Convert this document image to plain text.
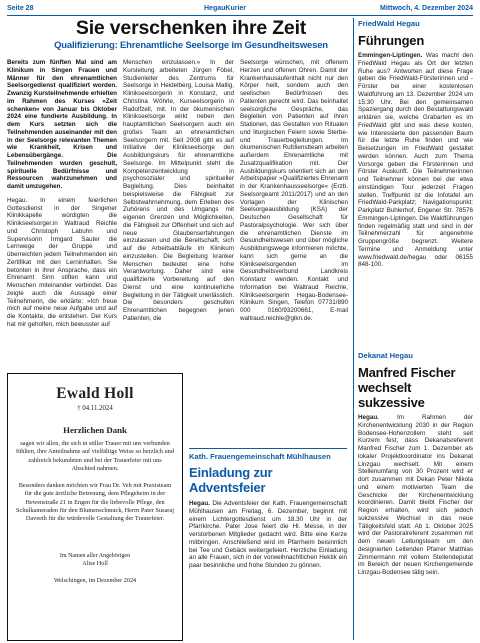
Seite 28	HegauKurier	Mittwoch, 4. Dezember 2024
Sie verschenken ihre Zeit
Qualifizierung: Ehrenamtliche Seelsorge im Gesundheitswesen

Bereits zum fünften Mal sind am Klinikum in Singen Frauen und Männer für den ehrenamtlichen Seelsorgedienst qualifiziert worden. Zwanzig Kursteilnehmende erhielten im Rahmen des Kurses »Zeit schenken« von Januar bis Oktober 2024 eine fundierte Ausbildung. In dem Kurs setzten sich die Teilnehmenden auseinander mit den in der Seelsorge relevanten Themen wie Krankheit, Krisen und Lebensübergänge. Die Teilnehmenden wurden geschult, spirituelle Bedürfnisse und Ressourcen wahrzunehmen und damit umzugehen.

Hegau. In einem feierlichen Gottesdienst in der Singener Klinikkapelle würdigten die Klinikseelsorger.in Waltraud Reichle und Christoph Labuhn und Supervisorin Irmgard Sauter die Lernwege der Gruppe und überreichten jedem Teilnehmenden ein Zertifikat mit den Lerninhalten. Sie betonten in ihrer Ansprache, dass ein Ehrenamt Sinn stiften kann und Menschen miteinander verbindet. Das zeigte auch die Aussage einer Teilnehmerin, die erklärte: »Ich freue mich auf meine neue Aufgabe und auf die Kontakte, die entstehen. Der Kurs hat mir geholfen, mich bewusster auf

Menschen einzulassen.« In der Kursleitung arbeiteten Jürgen Föbel, Studienleiter des Zentrums für Seelsorge in Heidelberg, Louisa Mallig, Klinikseelsorgerin in Konstanz, und Christina Wöhrle, Kurseelsorgerin in Radolfzell, mit. In der ökumenischen Klinikseelsorge wirkt neben den hauptamtlichen Seelsorgern auch ein großes Team an ehrenamtlichen Seelsorgern mit. Seit 2008 gibt es auf Initiative der Klinikseelsorge den Ausbildungskurs für ehrenamtliche Seelsorge. Im Mittelpunkt steht die Kompetenzentwicklung in psychosozialer und spiritueller Begleitung. Dies beinhaltet beispielsweise die Fähigkeit zur Selbstwahrnehmung, dem Erleben des Zuhörens und des Umgangs mit eigenen Grenzen und Möglichkeiten, die Fähigkeit zur Offenheit und sich auf neue Glaubenserfahrungen einzulassen und die Bereitschaft, sich auf die Arbeitsabläufe im Klinikum einzustellen. Die Begleitung kranker Menschen bedeutet eine hohe Verantwortung. Daher sind eine qualifizierte Vorbereitung auf den Dienst und eine kontinuierliche Begleitung in der Tätigkeit unerlässlich. Die besonders geschulten Ehrenamtlichen begegnen jenen Patienten, die

Seelsorge wünschen, mit offenem Herzen und offenen Ohren. Damit der Krankenhausaufenthalt nicht nur den Körper heilt, sondern auch den seelischen Bedürfnissen des Patienten gerecht wird. Das beinhaltet seelsorgliche Gespräche, das Begleiten von Patienten auf ihren Stationen, das Gestalten von Ritualen und liturgischen Feiern sowie Sterbe- und Trauerbegleitungen. Im ökumenischen Rufdienstteam arbeiten außerdem Ehrenamtliche mit Zusatzqualifikation mit. Der Ausbildungskurs orientiert sich an den Arbeitspapier »Qualifiziertes Ehrenamt in der Krankenhausseelsorge« (Erzb. Seelsorgeamt 2011/2017) und an den Vorlagen der Klinischen Seelsorgeausbildung (KSA) der Deutschen Gesellschaft für Pastoralpsychologie. Wer sich über die ehrenamtlichen Dienste im Gesundheitswesen und über mögliche Ausbildungswege informieren möchte, kann sich gerne an die Klinikseelsorgenden im Gesundheitsverbund Landkreis Konstanz wenden. Kontakt und Information bei Waltraud Reichle, Klinikseelsorgerin Hegau-Bodensee-Klinikum Singen, Telefon 07731/890 000 0160/93200661, E-mail waltraud.reichle@glkn.de.

Ewald Holl
† 04.11.2024
Herzlichen Dank
sagen wir allen, die sich in stiller Trauer mit uns verbunden fühlten, ihre Anteilnahme auf vielfältige Weise so herzlich und zahlreich bekundeten und bei der Trauerfeier mit uns Abschied nahmen.
Besonders danken möchten wir Frau Dr. Veh mit Praxisteam für die gute ärztliche Betreuung, dem Pflegeheim in der Hewenstraße 21 in Engen für die liebevolle Pflege, den Schulkameraden für den Blumenschmuck, Herrn Pater Susaraj Daveeth für die würdevolle Gestaltung der Trauerfeier.
Im Namen aller Angehörigen
Alise Holl
Welschingen, im Dezember 2024
Kath. Frauengemeinschaft Mühlhausen
Einladung zur Adventsfeier
Hegau. Die Adventsfeier der Kath. Frauengemeinschaft Mühlhausen am Freitag, 6. Dezember, beginnt mit einem Lichtergottesdienst um 18.30 Uhr in der Pfarrkirche. Pater Jose feiert die Hl. Messe, in der verstorbenen Mitglieder gedacht wird. Bitte eine Kerze mitbringen. Anschließend wird im Pfarrheim beisinnlich bei Tee und Gebäck weitergefeiert. Herzliche Einladung an alle Frauen, sich in der vorweihnachtlichen Hektik ein paar besinnliche und frohe Stunden zu gönnen.
FriedWald Hegau
Führungen
Emmingen-Liptingen. Was macht den FriedWald Hegau als Ort der letzten Ruhe aus? Antworten auf diese Frage geben die FriedWald-Försterinnen und -Förster bei einer kostenlosen Waldführung am 13. Dezember 2024 um 15:30 Uhr. Bei den gemeinsamen Spaziergang durch den Bestattungswald erklären sie, welche Grabarten es im FriedWald gibt und was diese kosten, wie Interessierte den passenden Baum für die letzte Ruhe finden und wie Beisetzungen im FriedWald gestaltet werden können. Auch zum Thema Vorsorge geben die Försterinnen und Förster Auskunft. Die Teilnehmerinnen und Teilnehmer können bei der etwa einstündigen Tour jederzeit Fragen stellen. Treffpunkt ist die Infotafel am FriedWald-Parkplatz; Navigationspunkt: Parkplatz Buhlerhof, Engener Str. 78576 Emmingen-Liptingen. Die Waldführungen finden regelmäßig statt und sind in der Teilnehmerzahl für angenehme Gruppengröße begrenzt. Weitere Termine und Anmeldung unter www.friedwald.de/hegau oder 06155 848-100.
Dekanat Hegau
Manfred Fischer wechselt sukzessive
Hegau. Im Rahmen der Kirchenentwicklung 2030 in der Region Bodensee-Hohenzollern steht seit Kurzem fest, dass Dekanatsreferent Manfred Fischer zum 1. Dezember als lokaler Projektkoordinator ins Dekanat Linzgau wechselt. Mit einem Stellenumfang von 30 Prozent wird er dort zusammen mit Dekan Peter Nikola und einem motivierten Team die Geschicke der Kirchenentwicklung koordinieren. Damit bleibt Fischer der Region erhalten, wird sich jedoch sukzessive Wechsel in das neue Tätigkeitsfeld statt. Ab 1. Oktober 2025 wird der Pastoralreferent zusammen mit dem neuen Leitungsteam um den designierten Leitenden Pfarrer Matthias Zimmermann mit vollem Stellendeputat im Bereich der neuen Kirchengemeinde Linzgau-Bodensee tätig sein.
